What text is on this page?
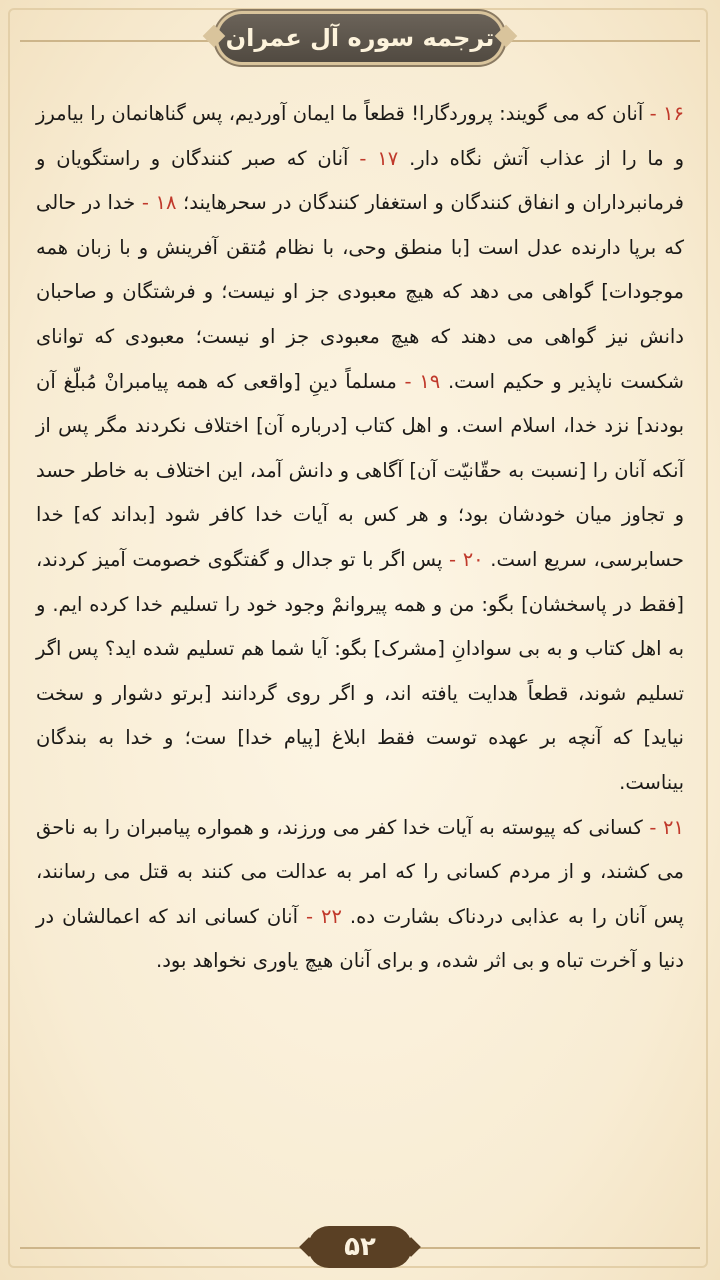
ترجمه سوره آل عمران

۱۶ - آنان که می گویند: پروردگارا! قطعاً ما ایمان آوردیم، پس گناهانمان را بیامرز و ما را از عذاب آتش نگاه دار. ۱۷ - آنان که صبر کنندگان و راستگویان و فرمانبرداران و انفاق کنندگان و استغفار کنندگان در سحرهایند؛ ۱۸ - خدا در حالی که برپا دارنده عدل است [با منطق وحی، با نظام مُتقن آفرینش و با زبان همه موجودات] گواهی می دهد که هیچ معبودی جز او نیست؛ و فرشتگان و صاحبان دانش نیز گواهی می دهند که هیچ معبودی جز او نیست؛ معبودی که توانای شکست ناپذیر و حکیم است. ۱۹ - مسلماً دینِ [واقعی که همه پیامبرانْ مُبلّغ آن بودند] نزد خدا، اسلام است. و اهل کتاب [درباره آن] اختلاف نکردند مگر پس از آنکه آنان را [نسبت به حقّانیّت آن] آگاهی و دانش آمد، این اختلاف به خاطر حسد و تجاوز میان خودشان بود؛ و هر کس به آیات خدا کافر شود [بداند که] خدا حسابرسی، سریع است. ۲۰ - پس اگر با تو جدال و گفتگوی خصومت آمیز کردند، [فقط در پاسخشان] بگو: من و همه پیروانمْ وجود خود را تسلیم خدا کرده ایم. و به اهل کتاب و به بی سوادانِ [مشرک] بگو: آیا شما هم تسلیم شده اید؟ پس اگر تسلیم شوند، قطعاً هدایت یافته اند، و اگر روی گردانند [برتو دشوار و سخت نیاید] که آنچه بر عهده توست فقط ابلاغ [پیام خدا] ست؛ و خدا به بندگان بیناست.

۲۱ - کسانی که پیوسته به آیات خدا کفر می ورزند، و همواره پیامبران را به ناحق می کشند، و از مردم کسانی را که امر به عدالت می کنند به قتل می رسانند، پس آنان را به عذابی دردناک بشارت ده. ۲۲ - آنان کسانی اند که اعمالشان در دنیا و آخرت تباه و بی اثر شده، و برای آنان هیچ یاوری نخواهد بود.

۵۲
